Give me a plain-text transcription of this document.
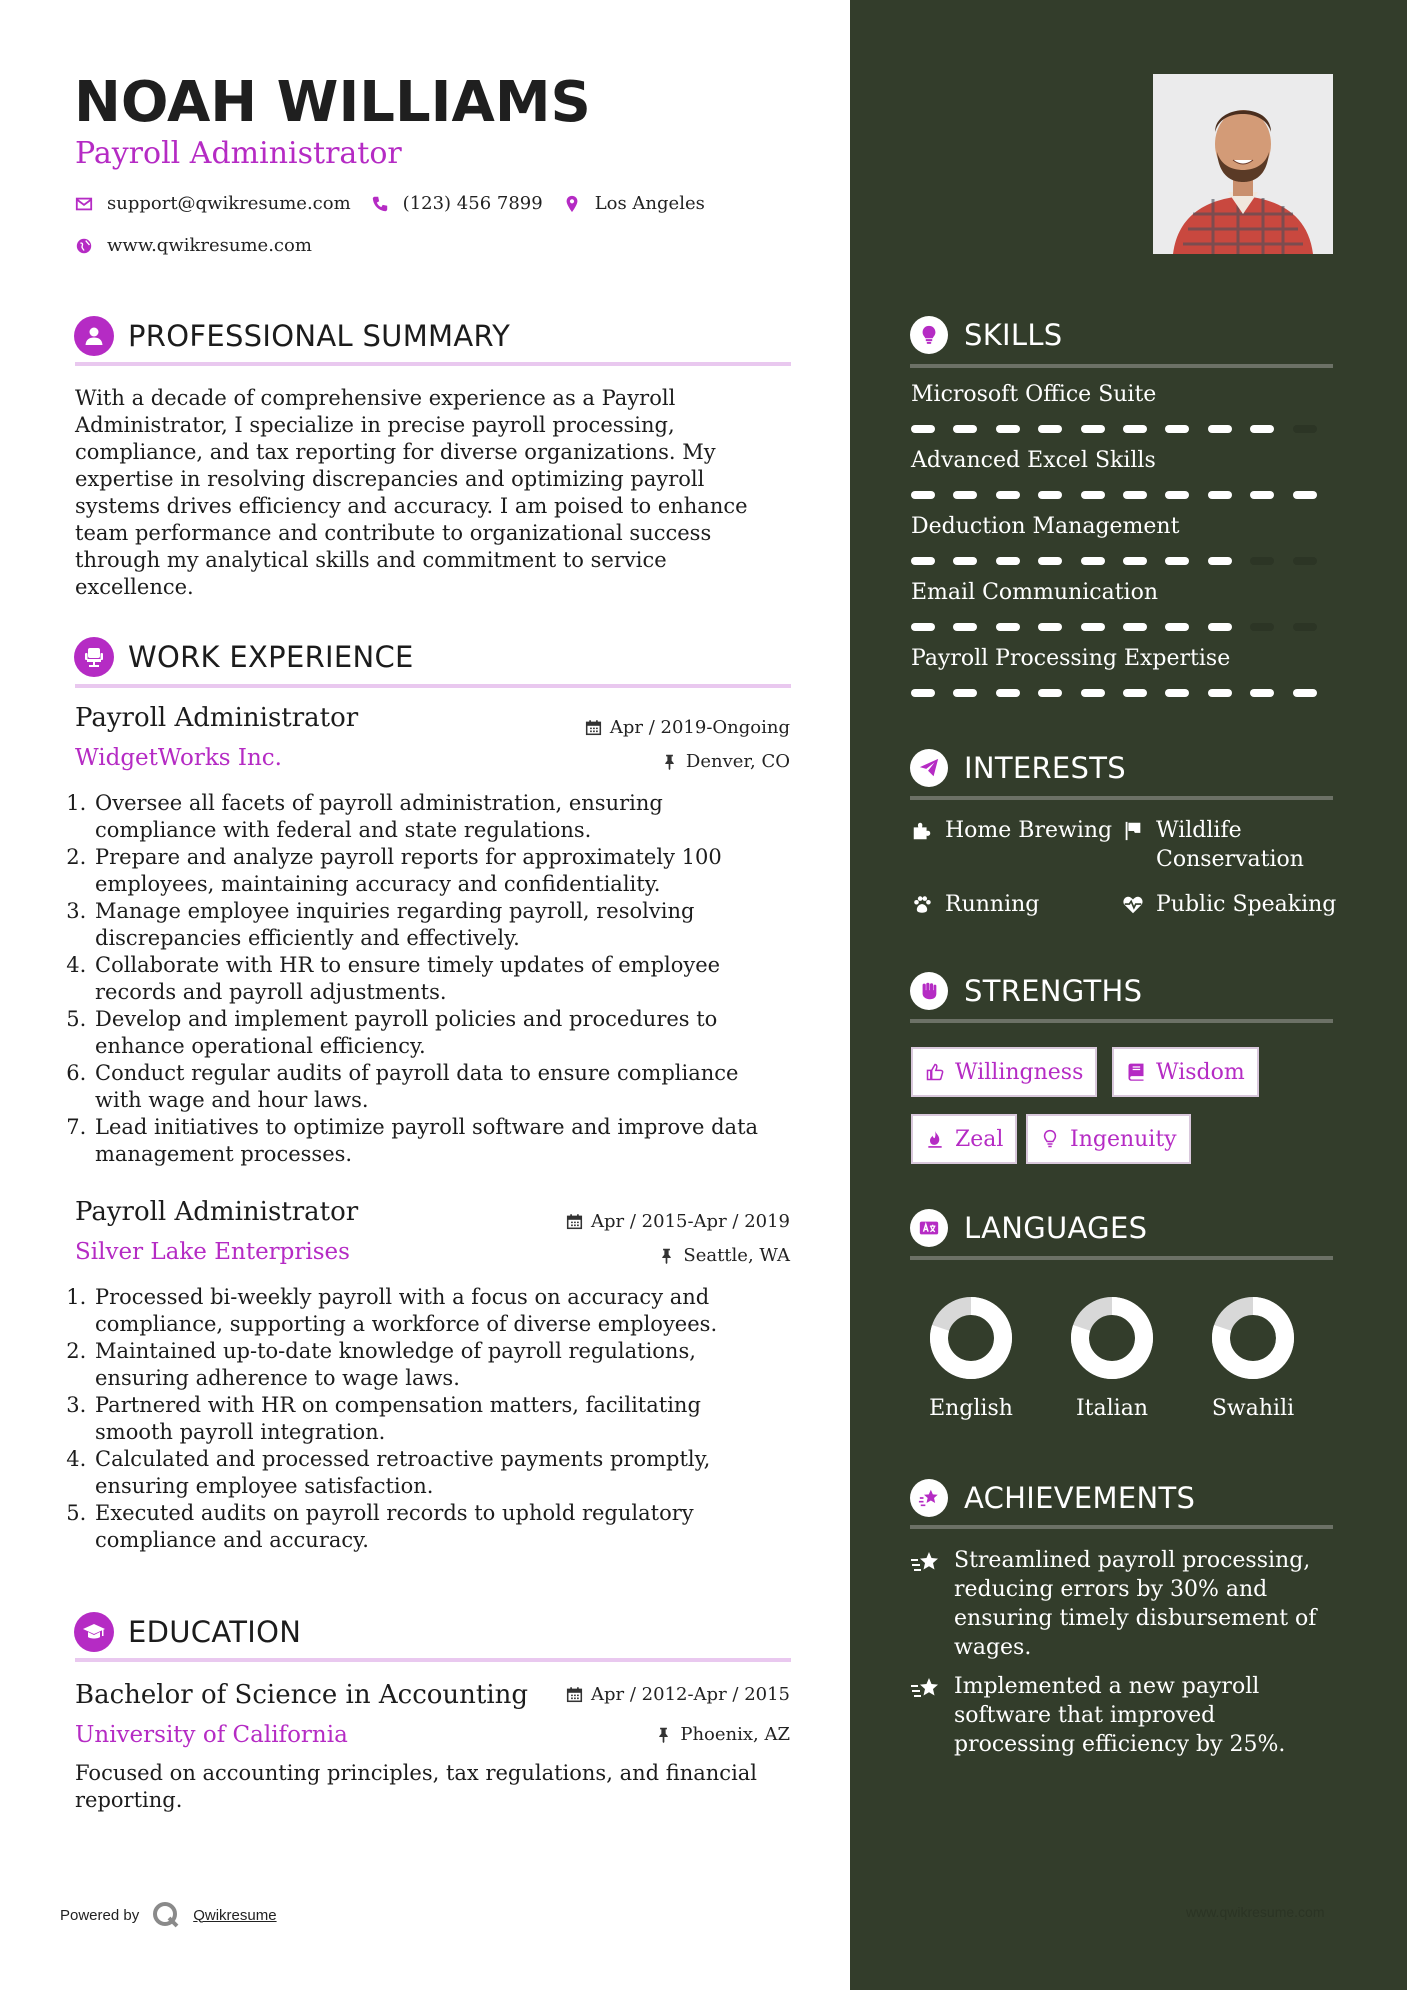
NOAH WILLIAMS
Payroll Administrator
support@qwikresume.com	(123) 456 7899	Los Angeles
www.qwikresume.com
PROFESSIONAL SUMMARY
With a decade of comprehensive experience as a Payroll
Administrator, I specialize in precise payroll processing,
compliance, and tax reporting for diverse organizations. My
expertise in resolving discrepancies and optimizing payroll
systems drives efficiency and accuracy. I am poised to enhance
team performance and contribute to organizational success
through my analytical skills and commitment to service
excellence.
WORK EXPERIENCE
Payroll Administrator
WidgetWorks Inc.
Apr / 2019-Ongoing
Denver, CO
1. Oversee all facets of payroll administration, ensuring
compliance with federal and state regulations.
2. Prepare and analyze payroll reports for approximately 100
employees, maintaining accuracy and confidentiality.
3. Manage employee inquiries regarding payroll, resolving
discrepancies efficiently and effectively.
4. Collaborate with HR to ensure timely updates of employee
records and payroll adjustments.
5. Develop and implement payroll policies and procedures to
enhance operational efficiency.
6. Conduct regular audits of payroll data to ensure compliance
with wage and hour laws.
7. Lead initiatives to optimize payroll software and improve data
management processes.
Payroll Administrator
Silver Lake Enterprises
Apr / 2015-Apr / 2019
Seattle, WA
1. Processed bi-weekly payroll with a focus on accuracy and
compliance, supporting a workforce of diverse employees.
2. Maintained up-to-date knowledge of payroll regulations,
ensuring adherence to wage laws.
3. Partnered with HR on compensation matters, facilitating
smooth payroll integration.
4. Calculated and processed retroactive payments promptly,
ensuring employee satisfaction.
5. Executed audits on payroll records to uphold regulatory
compliance and accuracy.
EDUCATION
Bachelor of Science in Accounting
University of California
Apr / 2012-Apr / 2015
Phoenix, AZ
Focused on accounting principles, tax regulations, and financial
reporting.
Powered by	Qwikresume
SKILLS
Microsoft Office Suite
Advanced Excel Skills
Deduction Management
Email Communication
Payroll Processing Expertise
INTERESTS
Home Brewing Wildlife
Conservation
Running	Public Speaking
STRENGTHS
Willingness	Wisdom
Zeal	Ingenuity
LANGUAGES
English	Italian	Swahili
ACHIEVEMENTS
Streamlined payroll processing,
reducing errors by 30% and
ensuring timely disbursement of
wages.
Implemented a new payroll
software that improved
processing efficiency by 25%.
www.qwikresume.com
